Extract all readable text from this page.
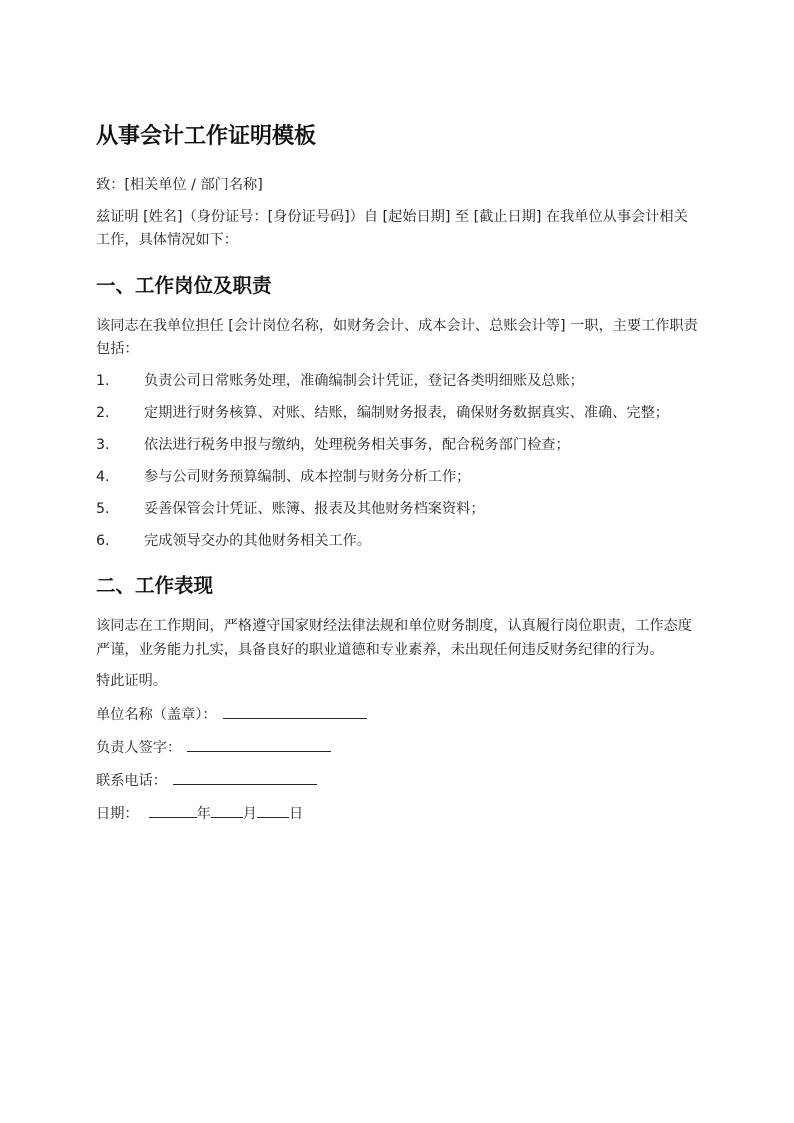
从事会计工作证明模板

致：[相关单位 / 部门名称]

兹证明 [姓名]（身份证号：[身份证号码]）自 [起始日期] 至 [截止日期] 在我单位从事会计相关工作，具体情况如下：

一、工作岗位及职责

该同志在我单位担任 [会计岗位名称，如财务会计、成本会计、总账会计等] 一职，主要工作职责包括：

1.	负责公司日常账务处理，准确编制会计凭证，登记各类明细账及总账；
2.	定期进行财务核算、对账、结账，编制财务报表，确保财务数据真实、准确、完整；
3.	依法进行税务申报与缴纳，处理税务相关事务，配合税务部门检查；
4.	参与公司财务预算编制、成本控制与财务分析工作；
5.	妥善保管会计凭证、账簿、报表及其他财务档案资料；
6.	完成领导交办的其他财务相关工作。
二、工作表现

该同志在工作期间，严格遵守国家财经法律法规和单位财务制度，认真履行岗位职责，工作态度严谨，业务能力扎实，具备良好的职业道德和专业素养，未出现任何违反财务纪律的行为。

特此证明。

单位名称（盖章）：
负责人签字：
联系电话：
日期：	年 月 日
